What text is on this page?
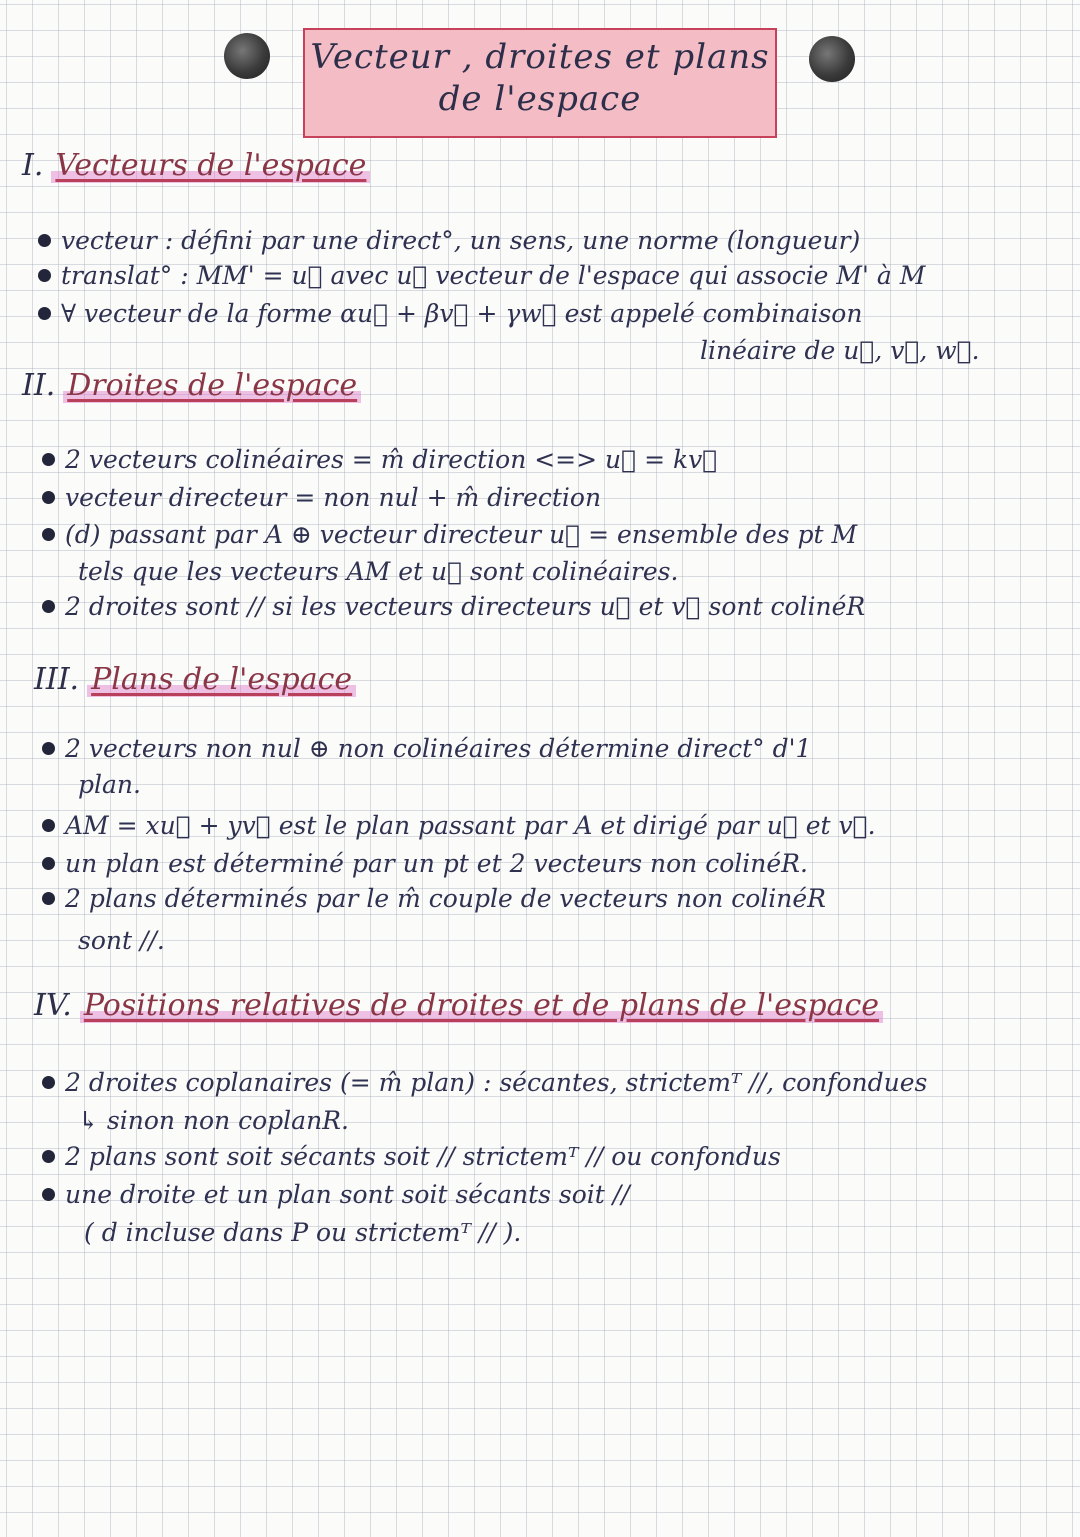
Vecteur , droites et plans
de l'espace
I. Vecteurs de l'espace
vecteur : défini par une direct°, un sens, une norme (longueur)
translat° : MM' = u⃗ avec u⃗ vecteur de l'espace qui associe M' à M
∀ vecteur de la forme αu⃗ + βv⃗ + γw⃗ est appelé combinaison
linéaire de u⃗, v⃗, w⃗.
II. Droites de l'espace
2 vecteurs colinéaires = m̂ direction <=> u⃗ = kv⃗
vecteur directeur = non nul + m̂ direction
(d) passant par A ⊕ vecteur directeur u⃗ = ensemble des pt M
tels que les vecteurs AM et u⃗ sont colinéaires.
2 droites sont // si les vecteurs directeurs u⃗ et v⃗ sont colinéR
III. Plans de l'espace
2 vecteurs non nul ⊕ non colinéaires détermine direct° d'1
plan.
AM = xu⃗ + yv⃗ est le plan passant par A et dirigé par u⃗ et v⃗.
un plan est déterminé par un pt et 2 vecteurs non colinéR.
2 plans déterminés par le m̂ couple de vecteurs non colinéR
sont //.
IV. Positions relatives de droites et de plans de l'espace
2 droites coplanaires (= m̂ plan) : sécantes, strictemᵀ //, confondues
↳ sinon non coplanR.
2 plans sont soit sécants soit // strictemᵀ // ou confondus
une droite et un plan sont soit sécants soit //
( d incluse dans P ou strictemᵀ // ).
